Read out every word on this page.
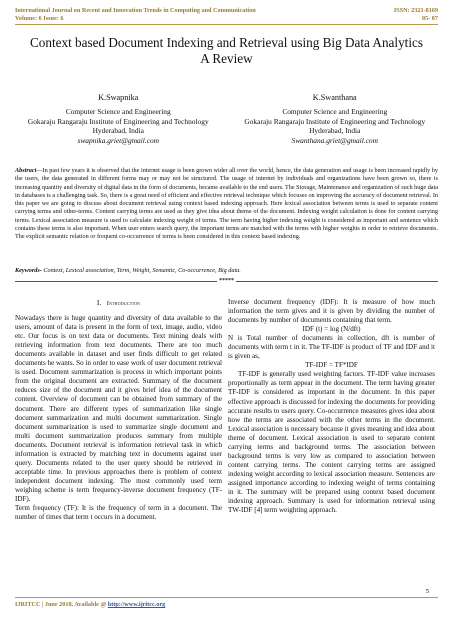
International Journal on Recent and Innovation Trends in Computing and Communication
Volume: 6 Issue: 6
ISSN: 2321-8169
05- 07
Context based Document Indexing and Retrieval using Big Data Analytics
A Review
K.Swapnika
Computer Science and Engineering
Gokaraju Rangaraju Institute of Engineering and Technology
Hyderabad, India
swapnika.griet@gmail.com
K.Swanthana
Computer Science and Engineering
Gokaraju Rangaraju Institute of Engineering and Technology
Hyderabad, India
Swanthana.griet@gmail.com
Abstract—In past few years it is observed that the internet usage is been grown wider all over the world, hence, the data generation and usage is been increased rapidly by the users, the data generated in different forms may or may not be structured. The usage of internet by individuals and organizations have been grown so, there is increasing quantity and diversity of digital data in the form of documents, became available to the end users. The Storage, Maintenance and organization of such huge data in databases is a challenging task. So, there is a great need of efficient and effective retrieval technique which focuses on improving the accuracy of document retrieval. In this paper we are going to discuss about document retrieval using context based indexing approach. Here lexical association between terms is used to separate content carrying terms and other-terms. Content carrying terms are used as they give idea about theme of the document. Indexing weight calculation is done for content carrying terms. Lexical association measure is used to calculate indexing weight of terms. The term having higher indexing weight is considered as important and sentence which contains these terms is also important. When user enters search query, the important terms are matched with the terms with higher weights in order to retrieve documents. The explicit semantic relation or frequent co-occurrence of terms is been considered in this context based indexing.
Keywords- Context, Lexical association, Term, Weight, Semantic, Co-occurrence, Big data.
*****
I. Introduction

Nowadays there is huge quantity and diversity of data available to the users, amount of data is present in the form of text, image, audio, video etc. Our focus is on text data or documents. Text mining deals with retrieving information from text documents. There are too much documents available in dataset and user finds difficult to get related documents he wants. So in order to ease work of user document retrieval is used. Document summarization is process in which important points from the original document are extracted. Summary of the document reduces size of the document and it gives brief idea of the document content. Overview of document can be obtained from summary of the document. There are different types of summarization like single document summarization and multi document summarization. Single document summarization is used to summarize single document and multi document summarization produces summary from multiple documents. Document retrieval is information retrieval task in which information is extracted by matching text in documents against user query. Documents related to the user query should be retrieved in acceptable time. In previous approaches there is problem of context independent document indexing. The most commonly used term weighing scheme is term frequency-inverse document frequency (TF-IDF).

Term frequency (TF): It is the frequency of term in a document. The number of times that term t occurs in a document.

Inverse document frequency (IDF): It is measure of how much information the term gives and it is given by dividing the number of documents by number of documents containing that term.

IDF (t) = log (N/dft)

N is Total number of documents in collection, dft is number of documents with term t in it. The TF-IDF is product of TF and IDF and it is given as,

TF-IDF = TF*IDF

TF-IDF is generally used weighting factors. TF-IDF value increases proportionally as term appear in the document. The term having greater TF-IDF is considered as important in the document. In this paper effective approach is discussed for indexing the documents for providing accurate results to users query. Co-occurrence measures gives idea about how the terms are associated with the other terms in the document. Lexical association is necessary because it gives meaning and idea about theme of document. Lexical association is used to separate content carrying terms and background terms. The association between background terms is very low as compared to association between content carrying terms. The content carrying terms are assigned indexing weight according to lexical association measure. Sentences are assigned importance according to indexing weight of terms containing in it. The summary will be prepared using context based document indexing approach. Summary is used for information retrieval using TW-IDF [4] term weighting approach.

5
IJRITCC | June 2018, Available @ http://www.ijritcc.org
